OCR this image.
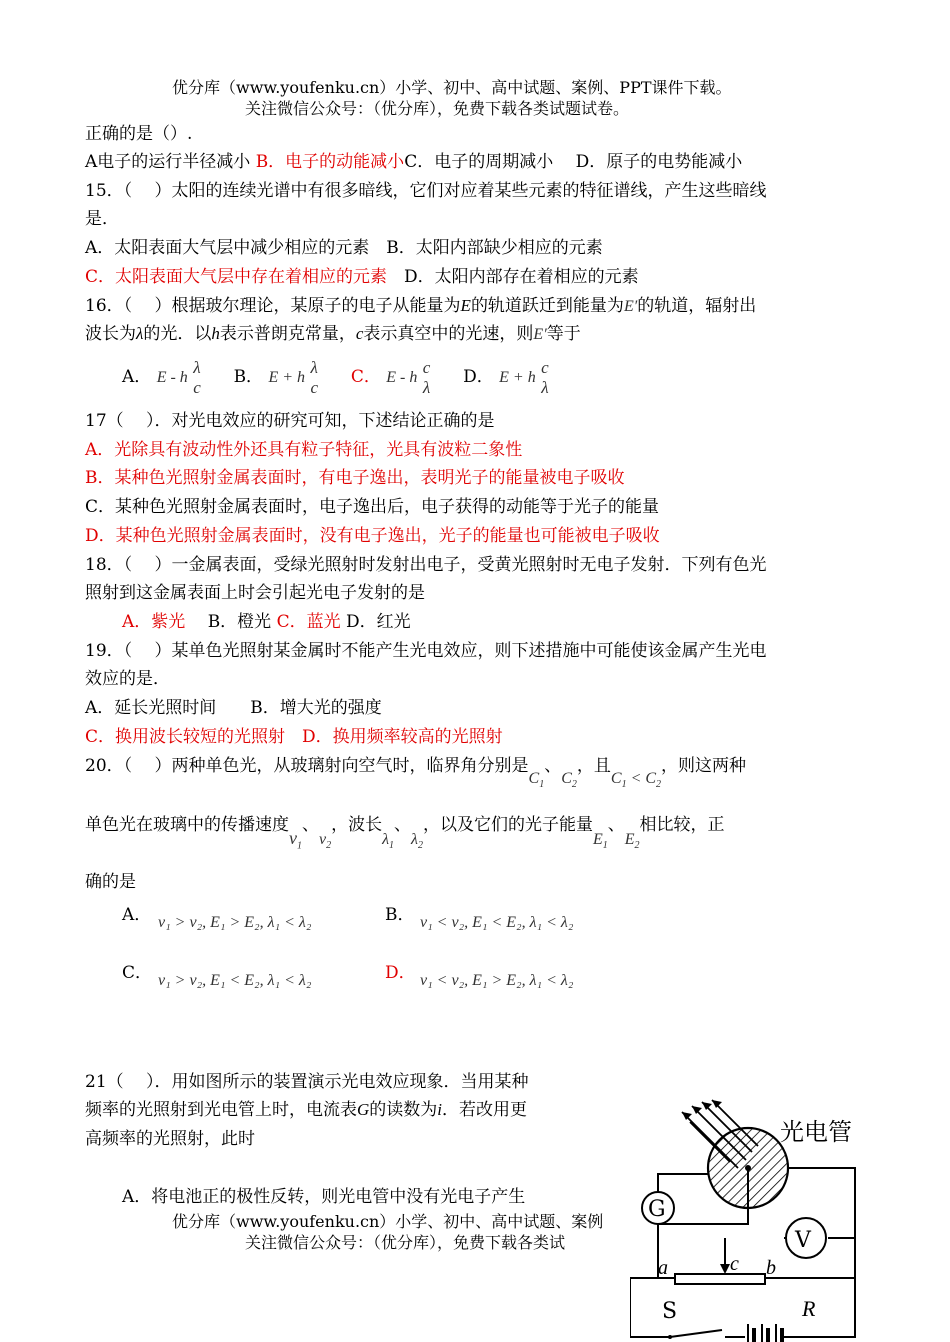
优分库（www.youfenku.cn）小学、初中、高中试题、案例、PPT课件下载。
关注微信公众号：（优分库），免费下载各类试题试卷。
正确的是（）.
A电子的运行半径减小 B．电子的动能减小C．电子的周期减小　 D．原子的电势能减小
15．（　 ）太阳的连续光谱中有很多暗线，它们对应着某些元素的特征谱线，产生这些暗线
是．
A．太阳表面大气层中减少相应的元素　B．太阳内部缺少相应的元素
C．太阳表面大气层中存在着相应的元素　 D．太阳内部存在着相应的元素
16．（　 ）根据玻尔理论，某原子的电子从能量为E的轨道跃迁到能量为E′的轨道，辐射出
波长为λ的光．以h表示普朗克常量，c表示真空中的光速，则E′等于
A． E - h
λ
c B． E + h
λ
c C． E - h
c
λ D． E + h
c
λ
17（　 ）．对光电效应的研究可知，下述结论正确的是
A．光除具有波动性外还具有粒子特征，光具有波粒二象性
B．某种色光照射金属表面时，有电子逸出，表明光子的能量被电子吸收
C．某种色光照射金属表面时，电子逸出后，电子获得的动能等于光子的能量
D．某种色光照射金属表面时，没有电子逸出，光子的能量也可能被电子吸收
18．（　 ）一金属表面，受绿光照射时发射出电子，受黄光照射时无电子发射．下列有色光
照射到这金属表面上时会引起光电子发射的是
A．紫光　 B．橙光 C．蓝光 D．红光
19．（　 ）某单色光照射某金属时不能产生光电效应，则下述措施中可能使该金属产生光电
效应的是．
A．延长光照时间　　B．增大光的强度
C．换用波长较短的光照射　 D．换用频率较高的光照射
20．（　 ）两种单色光，从玻璃射向空气时，临界角分别是$C_1$、$C_2$，且$C_1 < C_2$，则这两种
单色光在玻璃中的传播速度$v_1$、$v_2$，波长$\lambda_1$、$\lambda_2$，以及它们的光子能量$E_1$、$E_2$相比较，正
确的是
A． v₁ > v₂, E₁ > E₂, λ₁ < λ₂	B． v₁ < v₂, E₁ < E₂, λ₁ < λ₂
C． v₁ > v₂, E₁ < E₂, λ₁ < λ₂	D． v₁ < v₂, E₁ > E₂, λ₁ < λ₂
21（　 ）．用如图所示的装置演示光电效应现象．当用某种
频率的光照射到光电管上时，电流表G的读数为i．若改用更
高频率的光照射，此时
A．将电池正的极性反转，则光电管中没有光电子产生
优分库（www.youfenku.cn）小学、初中、高中试题、案例
关注微信公众号：（优分库），免费下载各类试
光电管
G
V
a	b
c
S	R
